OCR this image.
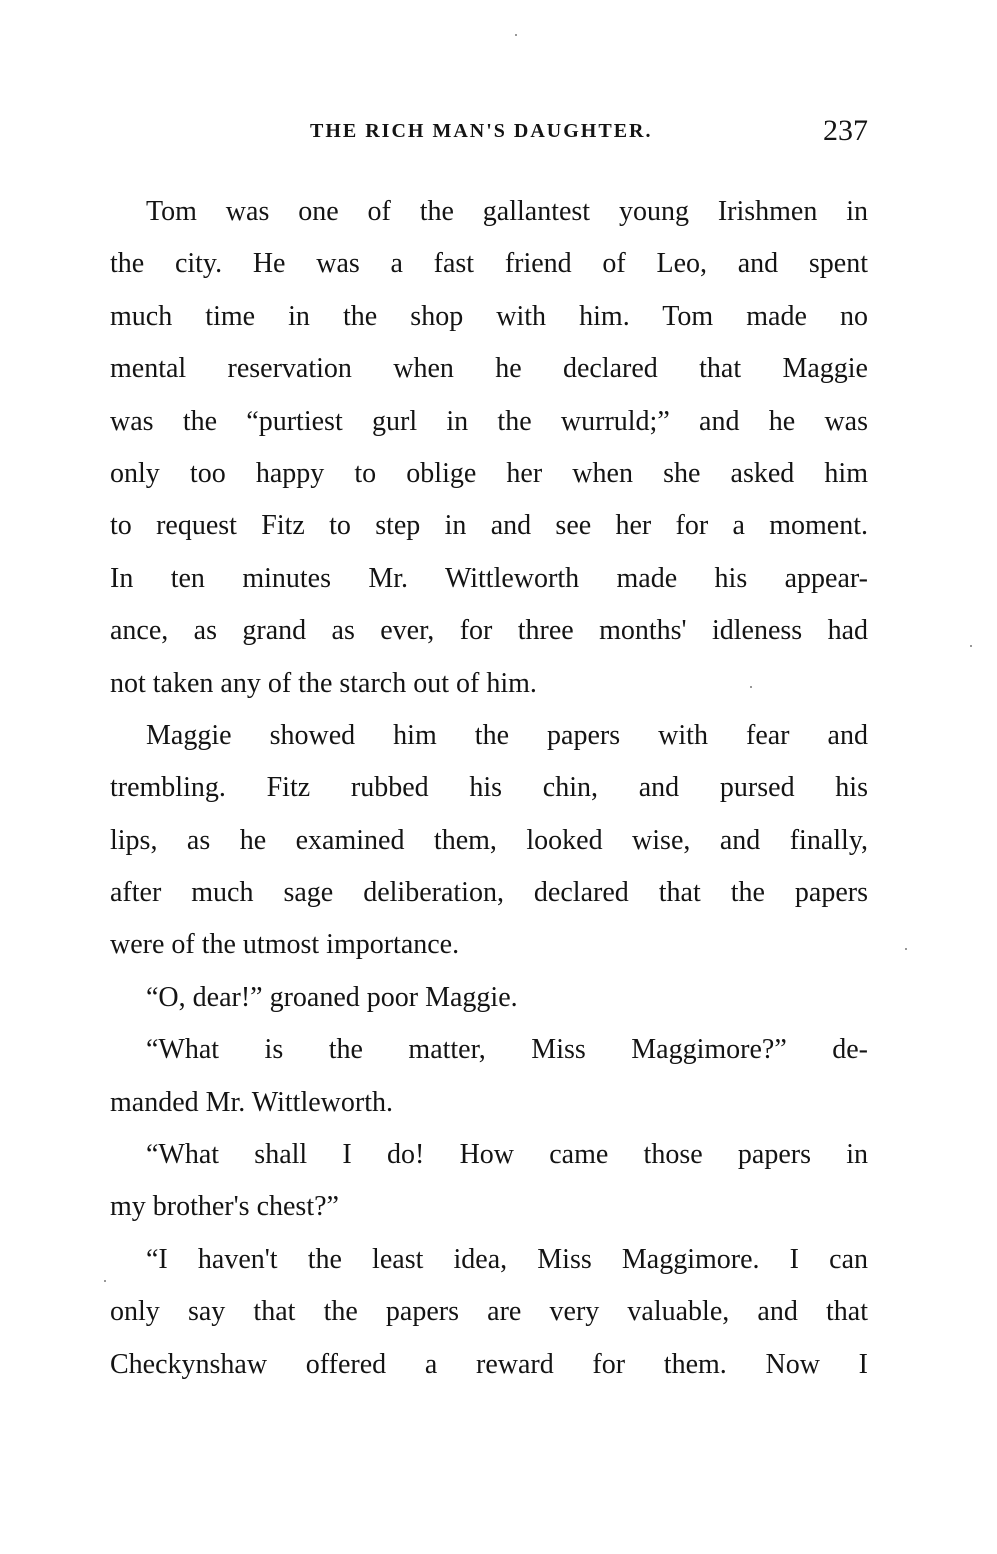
THE RICH MAN'S DAUGHTER.	237
Tom was one of the gallantest young Irishmen in
the city. He was a fast friend of Leo, and spent
much time in the shop with him. Tom made no
mental reservation when he declared that Maggie
was the “purtiest gurl in the wurruld;” and he was
only too happy to oblige her when she asked him
to request Fitz to step in and see her for a moment.
In ten minutes Mr. Wittleworth made his appear-
ance, as grand as ever, for three months' idleness had
not taken any of the starch out of him.
Maggie showed him the papers with fear and
trembling. Fitz rubbed his chin, and pursed his
lips, as he examined them, looked wise, and finally,
after much sage deliberation, declared that the papers
were of the utmost importance.
“O, dear!” groaned poor Maggie.
“What is the matter, Miss Maggimore?” de-
manded Mr. Wittleworth.
“What shall I do! How came those papers in
my brother's chest?”
“I haven't the least idea, Miss Maggimore. I can
only say that the papers are very valuable, and that
Checkynshaw offered a reward for them. Now I
